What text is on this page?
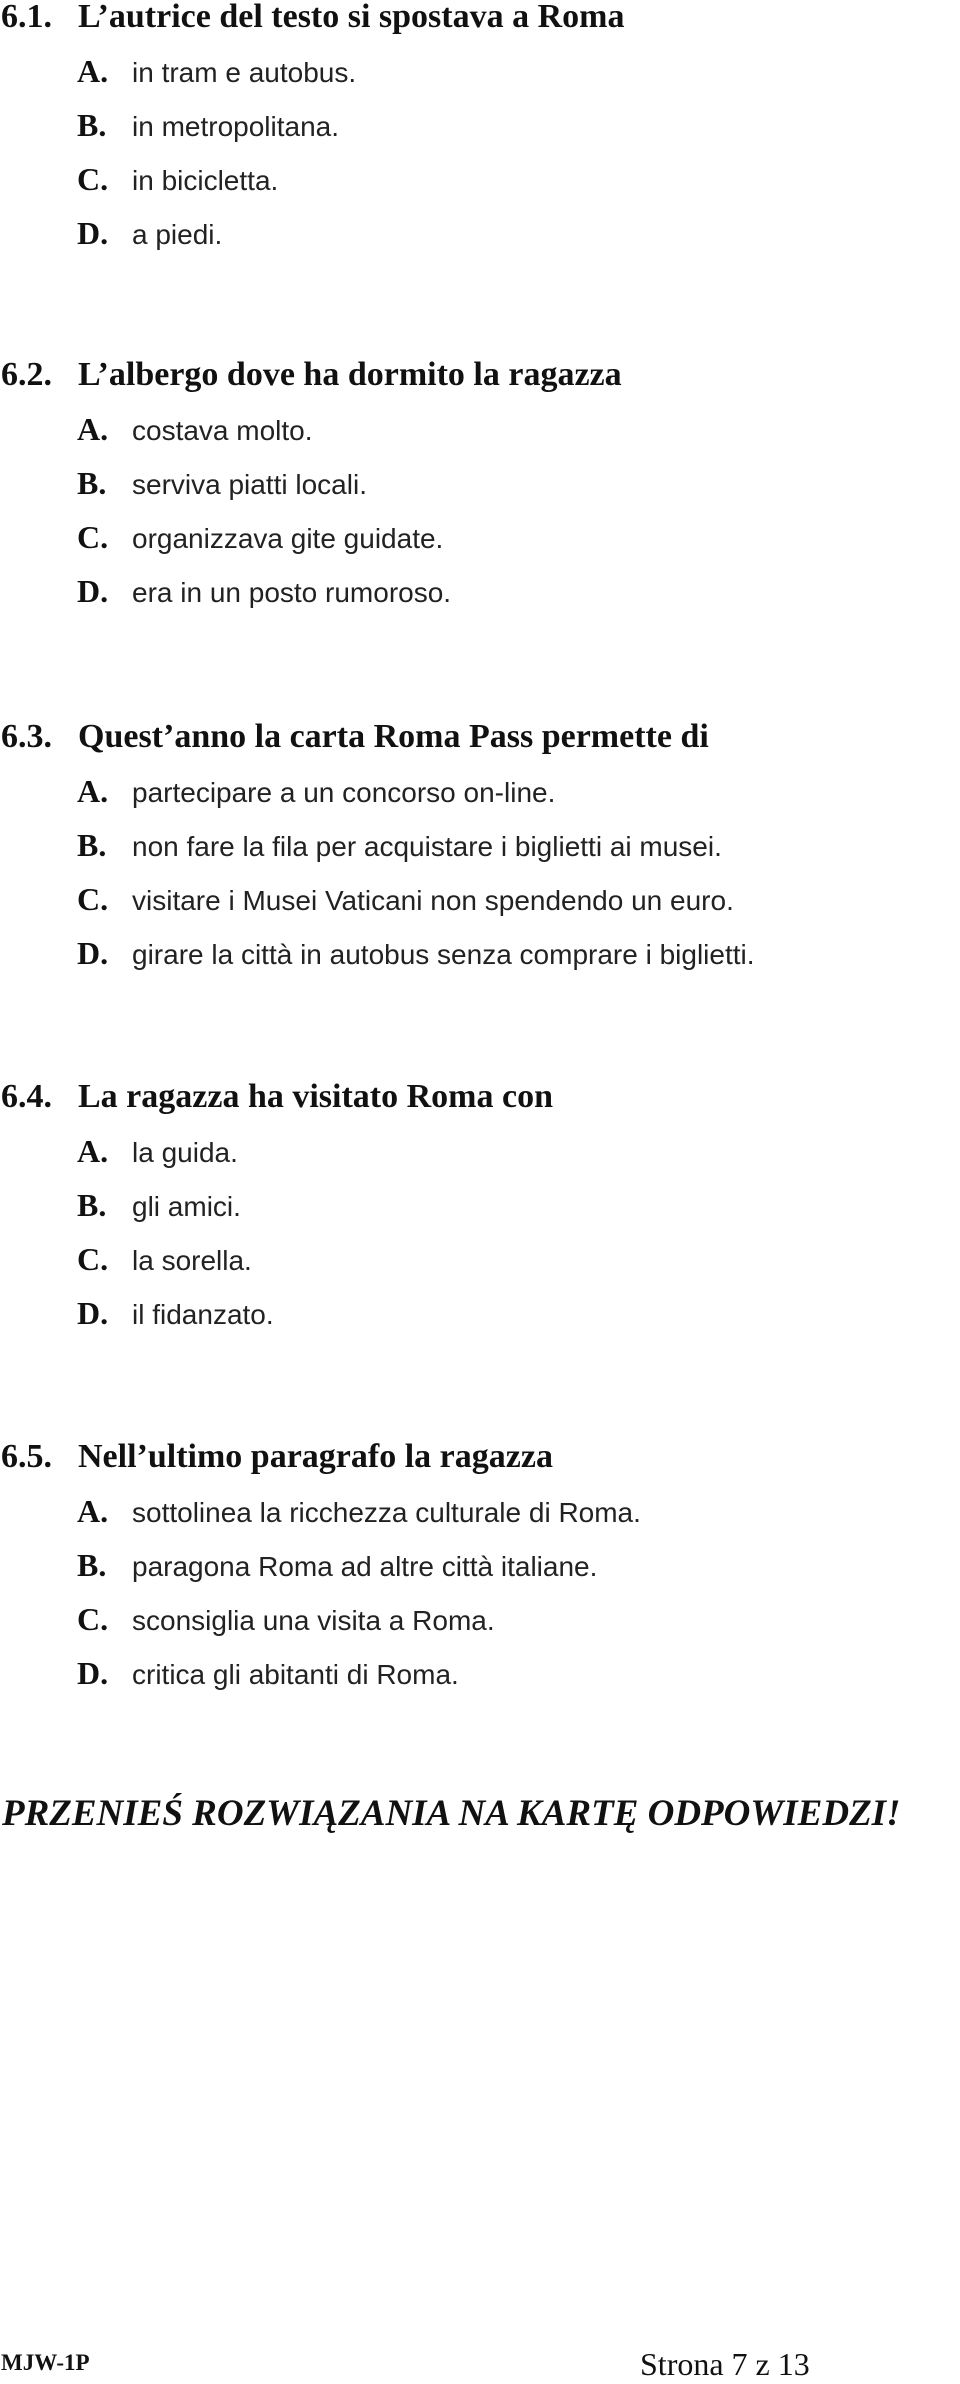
6.1. L’autrice del testo si spostava a Roma
A. in tram e autobus.
B. in metropolitana.
C. in bicicletta.
D. a piedi.
6.2. L’albergo dove ha dormito la ragazza
A. costava molto.
B. serviva piatti locali.
C. organizzava gite guidate.
D. era in un posto rumoroso.
6.3. Quest’anno la carta Roma Pass permette di
A. partecipare a un concorso on-line.
B. non fare la fila per acquistare i biglietti ai musei.
C. visitare i Musei Vaticani non spendendo un euro.
D. girare la città in autobus senza comprare i biglietti.
6.4. La ragazza ha visitato Roma con
A. la guida.
B. gli amici.
C. la sorella.
D. il fidanzato.
6.5. Nell’ultimo paragrafo la ragazza
A. sottolinea la ricchezza culturale di Roma.
B. paragona Roma ad altre città italiane.
C. sconsiglia una visita a Roma.
D. critica gli abitanti di Roma.
PRZENIEŚ ROZWIĄZANIA NA KARTĘ ODPOWIEDZI!
MJW-1P	Strona 7 z 13
